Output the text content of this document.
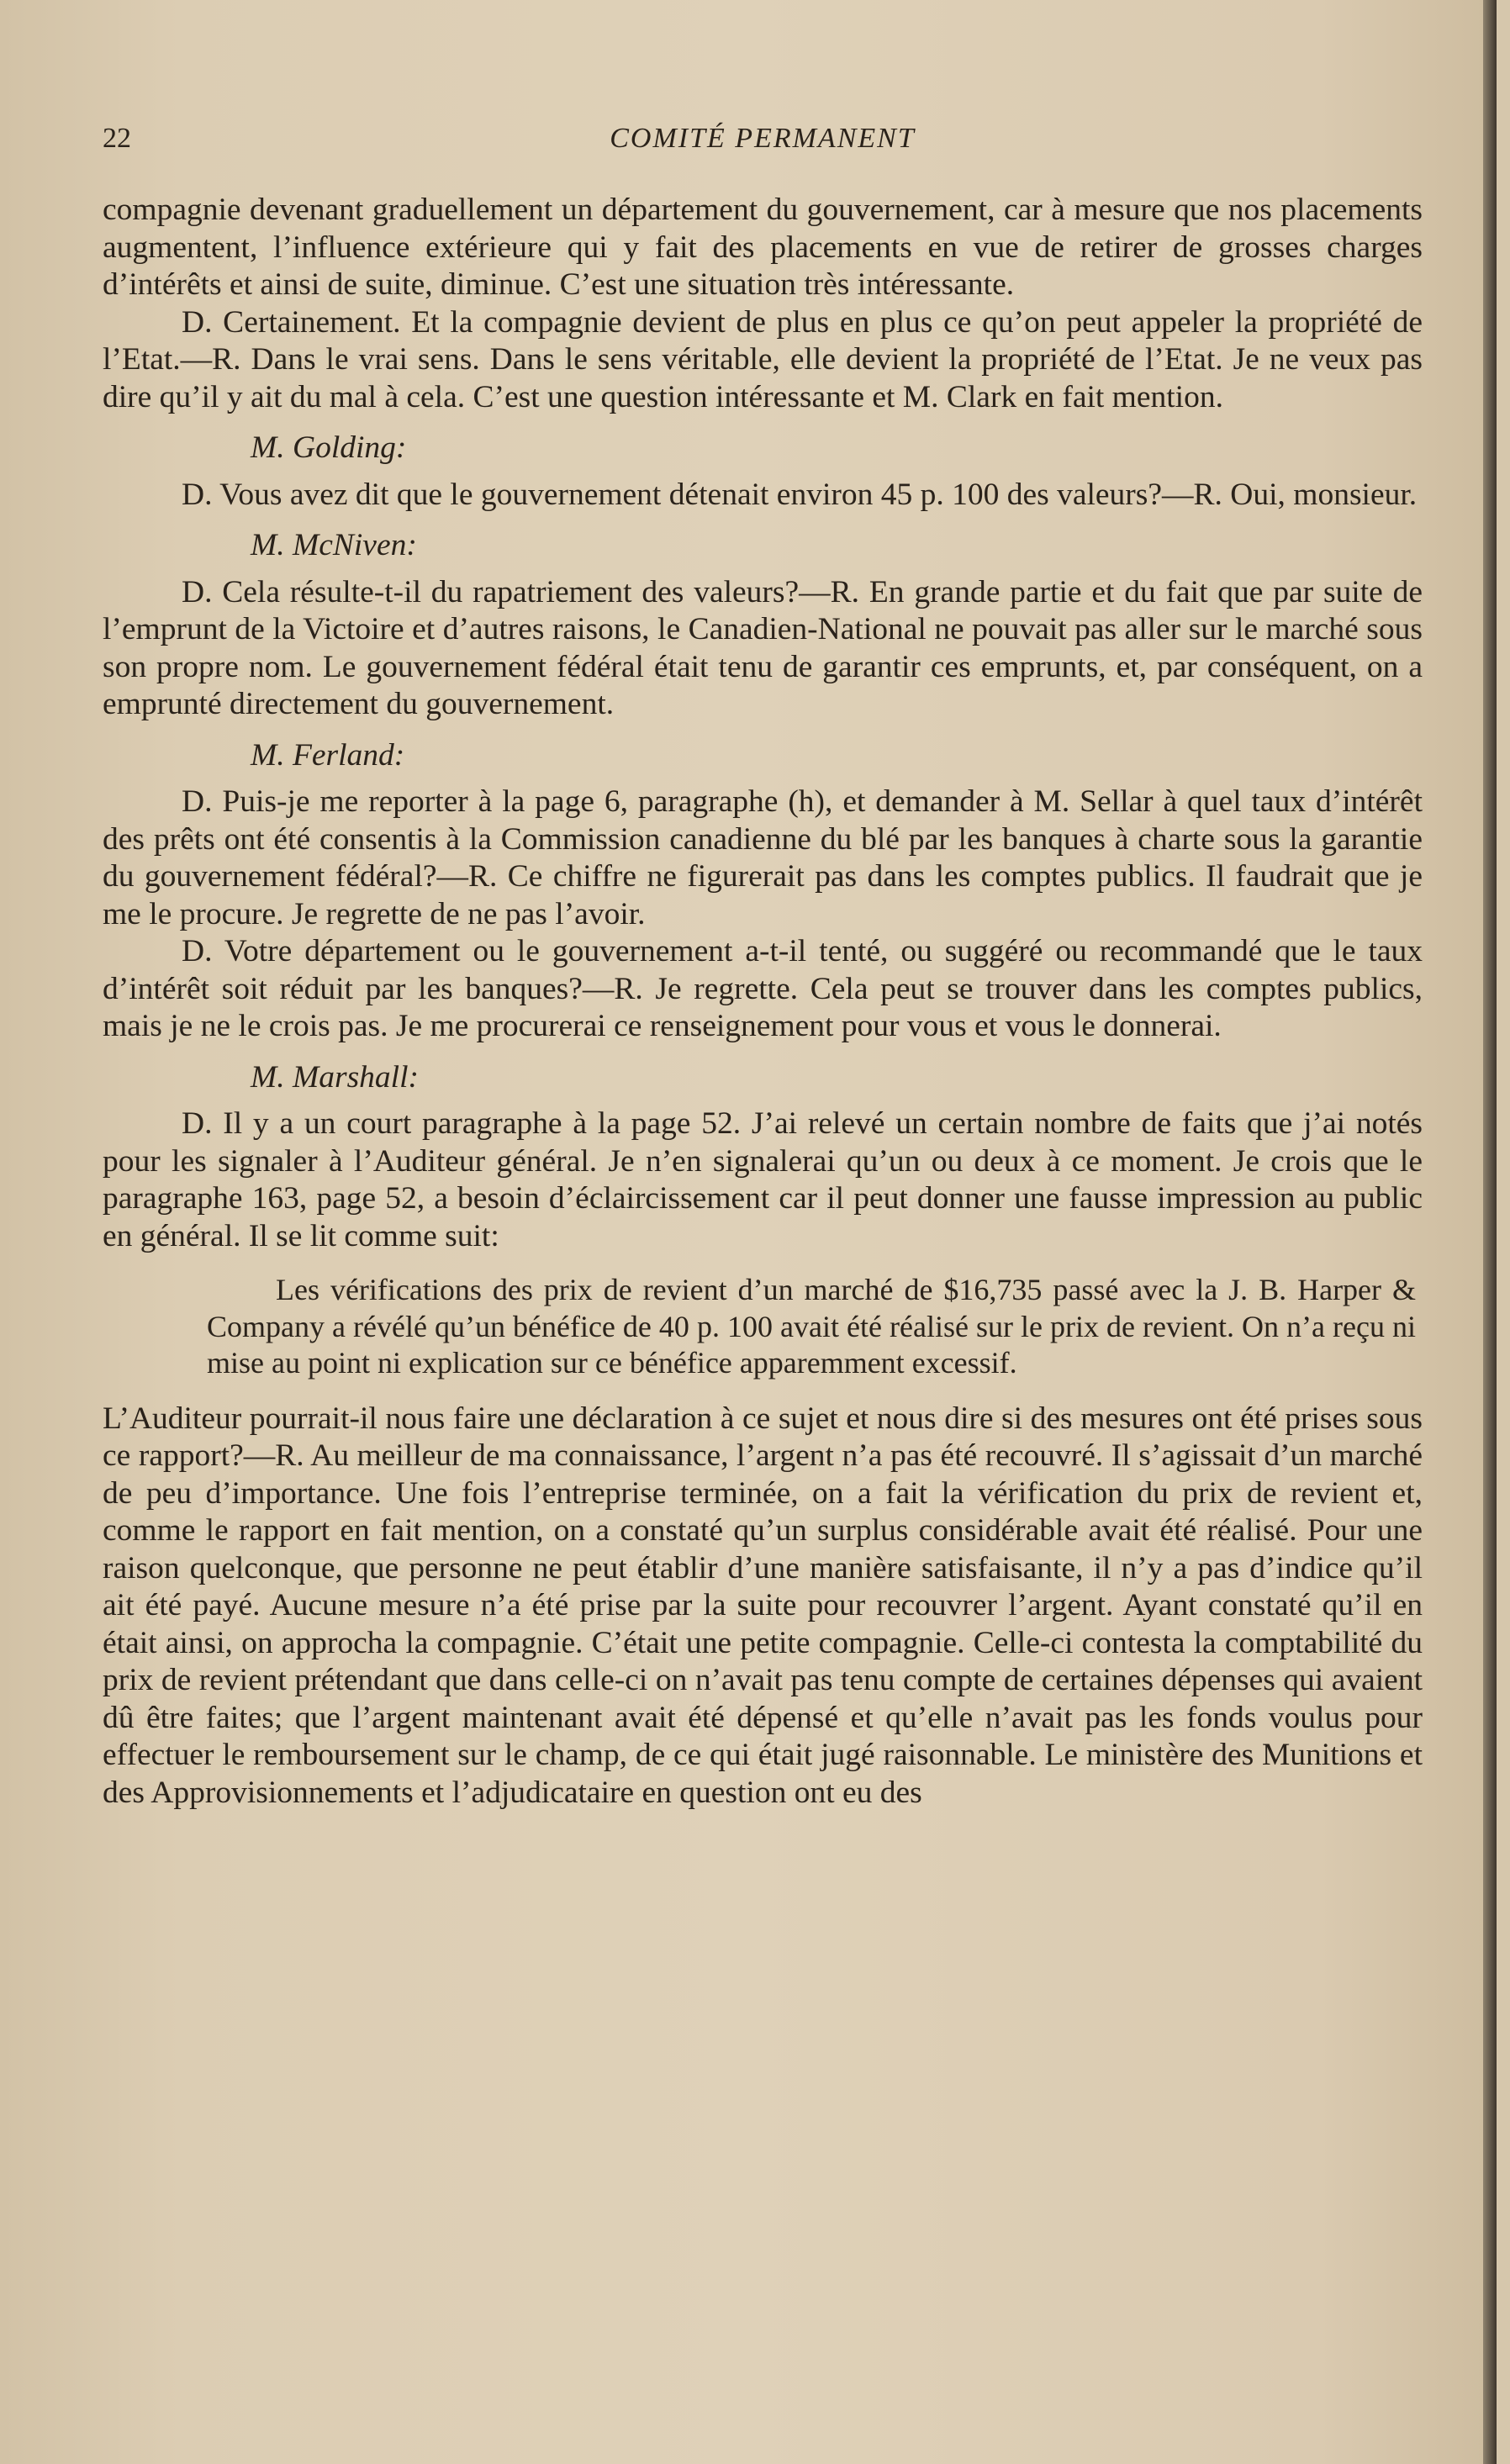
22	COMITÉ PERMANENT

compagnie devenant graduellement un département du gouvernement, car à mesure que nos placements augmentent, l’influence extérieure qui y fait des placements en vue de retirer de grosses charges d’intérêts et ainsi de suite, diminue. C’est une situation très intéressante.

D. Certainement. Et la compagnie devient de plus en plus ce qu’on peut appeler la propriété de l’Etat.—R. Dans le vrai sens. Dans le sens véritable, elle devient la propriété de l’Etat. Je ne veux pas dire qu’il y ait du mal à cela. C’est une question intéressante et M. Clark en fait mention.

M. Golding:

D. Vous avez dit que le gouvernement détenait environ 45 p. 100 des valeurs?—R. Oui, monsieur.

M. McNiven:

D. Cela résulte-t-il du rapatriement des valeurs?—R. En grande partie et du fait que par suite de l’emprunt de la Victoire et d’autres raisons, le Canadien-National ne pouvait pas aller sur le marché sous son propre nom. Le gouvernement fédéral était tenu de garantir ces emprunts, et, par conséquent, on a emprunté directement du gouvernement.

M. Ferland:

D. Puis-je me reporter à la page 6, paragraphe (h), et demander à M. Sellar à quel taux d’intérêt des prêts ont été consentis à la Commission canadienne du blé par les banques à charte sous la garantie du gouvernement fédéral?—R. Ce chiffre ne figurerait pas dans les comptes publics. Il faudrait que je me le procure. Je regrette de ne pas l’avoir.

D. Votre département ou le gouvernement a-t-il tenté, ou suggéré ou recommandé que le taux d’intérêt soit réduit par les banques?—R. Je regrette. Cela peut se trouver dans les comptes publics, mais je ne le crois pas. Je me procurerai ce renseignement pour vous et vous le donnerai.

M. Marshall:

D. Il y a un court paragraphe à la page 52. J’ai relevé un certain nombre de faits que j’ai notés pour les signaler à l’Auditeur général. Je n’en signalerai qu’un ou deux à ce moment. Je crois que le paragraphe 163, page 52, a besoin d’éclaircissement car il peut donner une fausse impression au public en général. Il se lit comme suit:

Les vérifications des prix de revient d’un marché de $16,735 passé avec la J. B. Harper & Company a révélé qu’un bénéfice de 40 p. 100 avait été réalisé sur le prix de revient. On n’a reçu ni mise au point ni explication sur ce bénéfice apparemment excessif.

L’Auditeur pourrait-il nous faire une déclaration à ce sujet et nous dire si des mesures ont été prises sous ce rapport?—R. Au meilleur de ma connaissance, l’argent n’a pas été recouvré. Il s’agissait d’un marché de peu d’importance. Une fois l’entreprise terminée, on a fait la vérification du prix de revient et, comme le rapport en fait mention, on a constaté qu’un surplus considérable avait été réalisé. Pour une raison quelconque, que personne ne peut établir d’une manière satisfaisante, il n’y a pas d’indice qu’il ait été payé. Aucune mesure n’a été prise par la suite pour recouvrer l’argent. Ayant constaté qu’il en était ainsi, on approcha la compagnie. C’était une petite compagnie. Celle-ci contesta la comptabilité du prix de revient prétendant que dans celle-ci on n’avait pas tenu compte de certaines dépenses qui avaient dû être faites; que l’argent maintenant avait été dépensé et qu’elle n’avait pas les fonds voulus pour effectuer le remboursement sur le champ, de ce qui était jugé raisonnable. Le ministère des Munitions et des Approvisionnements et l’adjudicataire en question ont eu des
